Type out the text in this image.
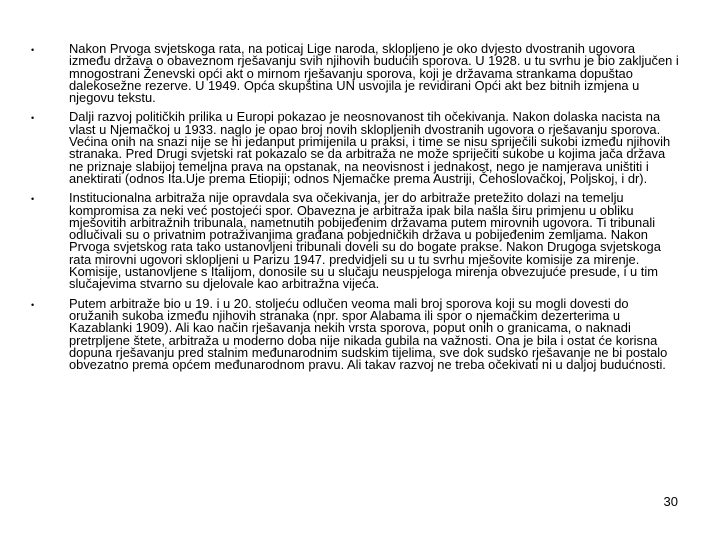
•	Nakon Prvoga svjetskoga rata, na poticaj Lige naroda, sklopljeno je oko dvjesto dvostranih ugovora između država o obaveznom rješavanju svih njihovih budućih sporova. U 1928. u tu svrhu je bio zaključen i mnogostrani Ženevski opći akt o mirnom rješavanju sporova, koji je državama strankama dopuštao dalekosežne rezerve. U 1949. Opća skupština UN usvojila je revidirani Opći akt bez bitnih izmjena u njegovu tekstu.
•	Dalji razvoj političkih prilika u Europi pokazao je neosnovanost tih očekivanja. Nakon dolaska nacista na vlast u Njemačkoj u 1933. naglo je opao broj novih sklopljenih dvostranih ugovora o rješavanju sporova. Većina onih na snazi nije se hi jedanput primijenila u praksi, i time se nisu spriječili sukobi između njihovih stranaka. Pred Drugi svjetski rat pokazalo se da arbitraža ne može spriječiti sukobe u kojima jača država ne priznaje slabijoj temeljna prava na opstanak, na neovisnost i jednakost, nego je namjerava uništiti i anektirati (odnos Ita.Uje prema Etiopiji; odnos Njemačke prema Austriji, Čehoslovačkoj, Poljskoj, i dr).
•	Institucionalna arbitraža nije opravdala sva očekivanja, jer do arbitraže pretežito dolazi na temelju kompromisa za neki već postojeći spor. Obavezna je arbitraža ipak bila našla širu primjenu u obliku mješovitih arbitražnih tribunala, nametnutih pobijeđenim državama putem mirovnih ugovora. Ti tribunali odlučivali su o privatnim potraživanjima građana pobjedničkih država u pobijeđenim zemljama. Nakon Prvoga svjetskog rata tako ustanovljeni tribunali doveli su do bogate prakse. Nakon Drugoga svjetskoga rata mirovni ugovori sklopljeni u Parizu 1947. predvidjeli su u tu svrhu mješovite komisije za mirenje. Komisije, ustanovljene s Italijom, donosile su u slučaju neuspjeloga mirenja obvezujuće presude, i u tim slučajevima stvarno su djelovale kao arbitražna vijeća.
•	Putem arbitraže bio u 19. i u 20. stoljeću odlučen veoma mali broj sporova koji su mogli dovesti do oružanih sukoba između njihovih stranaka (npr. spor Alabama ili spor o njemačkim dezerterima u Kazablanki 1909). Ali kao način rješavanja nekih vrsta sporova, poput onih o granicama, o naknadi pretrpljene štete, arbitraža u moderno doba nije nikada gubila na važnosti. Ona je bila i ostat će korisna dopuna rješavanju pred stalnim međunarodnim sudskim tijelima, sve dok sudsko rješavanje ne bi postalo obvezatno prema općem međunarodnom pravu. Ali takav razvoj ne treba očekivati ni u daljoj budućnosti.
30
